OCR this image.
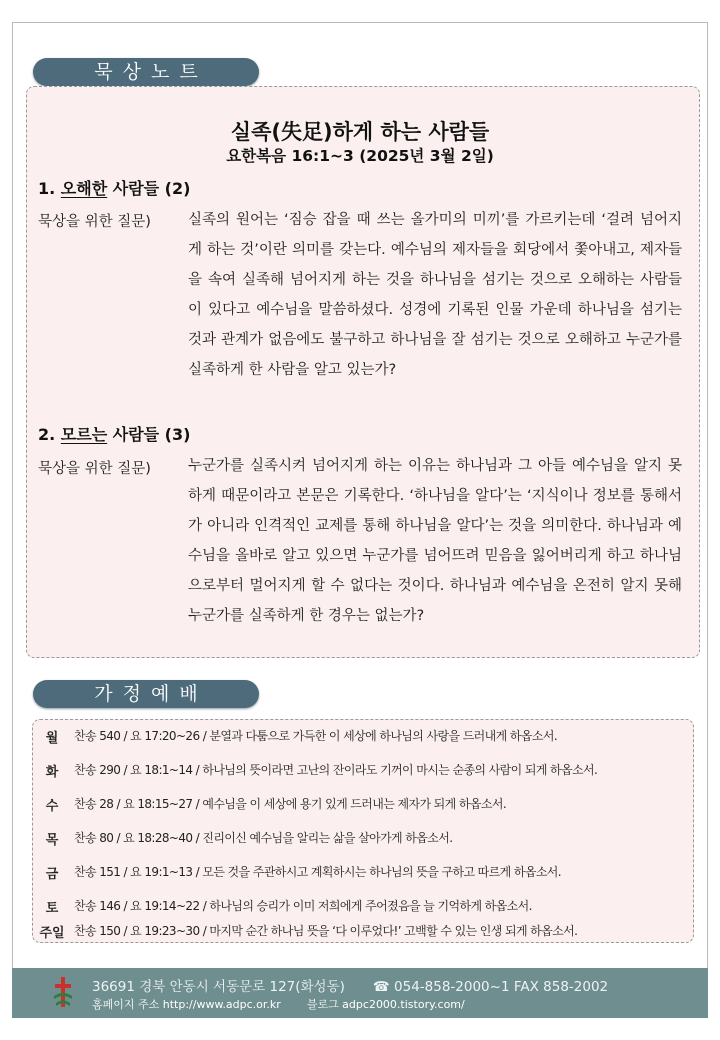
묵상노트
실족(失足)하게 하는 사람들
요한복음 16:1~3 (2025년 3월 2일)
1. 오해한 사람들 (2)
묵상을 위한 질문)	실족의 원어는 ‘짐승 잡을 때 쓰는 올가미의 미끼’를 가르키는데 ‘걸려 넘어지게 하는 것’이란 의미를 갖는다. 예수님의 제자들을 회당에서 쫓아내고, 제자들을 속여 실족해 넘어지게 하는 것을 하나님을 섬기는 것으로 오해하는 사람들이 있다고 예수님을 말씀하셨다. 성경에 기록된 인물 가운데 하나님을 섬기는 것과 관계가 없음에도 불구하고 하나님을 잘 섬기는 것으로 오해하고 누군가를 실족하게 한 사람을 알고 있는가?
2. 모르는 사람들 (3)
묵상을 위한 질문)	누군가를 실족시켜 넘어지게 하는 이유는 하나님과 그 아들 예수님을 알지 못하게 때문이라고 본문은 기록한다. ‘하나님을 알다’는 ‘지식이나 정보를 통해서가 아니라 인격적인 교제를 통해 하나님을 알다’는 것을 의미한다. 하나님과 예수님을 올바로 알고 있으면 누군가를 넘어뜨려 믿음을 잃어버리게 하고 하나님으로부터 멀어지게 할 수 없다는 것이다. 하나님과 예수님을 온전히 알지 못해 누군가를 실족하게 한 경우는 없는가?
가정예배
월	찬송 540 / 요 17:20~26 / 분열과 다툼으로 가득한 이 세상에 하나님의 사랑을 드러내게 하옵소서.
화	찬송 290 / 요 18:1~14 / 하나님의 뜻이라면 고난의 잔이라도 기꺼이 마시는 순종의 사람이 되게 하옵소서.
수	찬송 28 / 요 18:15~27 / 예수님을 이 세상에 용기 있게 드러내는 제자가 되게 하옵소서.
목	찬송 80 / 요 18:28~40 / 진리이신 예수님을 알리는 삶을 살아가게 하옵소서.
금	찬송 151 / 요 19:1~13 / 모든 것을 주관하시고 계획하시는 하나님의 뜻을 구하고 따르게 하옵소서.
토	찬송 146 / 요 19:14~22 / 하나님의 승리가 이미 저희에게 주어졌음을 늘 기억하게 하옵소서.
주일 찬송 150 / 요 19:23~30 / 마지막 순간 하나님 뜻을 ‘다 이루었다!’ 고백할 수 있는 인생 되게 하옵소서.
36691 경북 안동시 서동문로 127(화성동) ☎ 054-858-2000~1 FAX 858-2002
홈페이지 주소 http://www.adpc.or.kr 블로그 adpc2000.tistory.com/
